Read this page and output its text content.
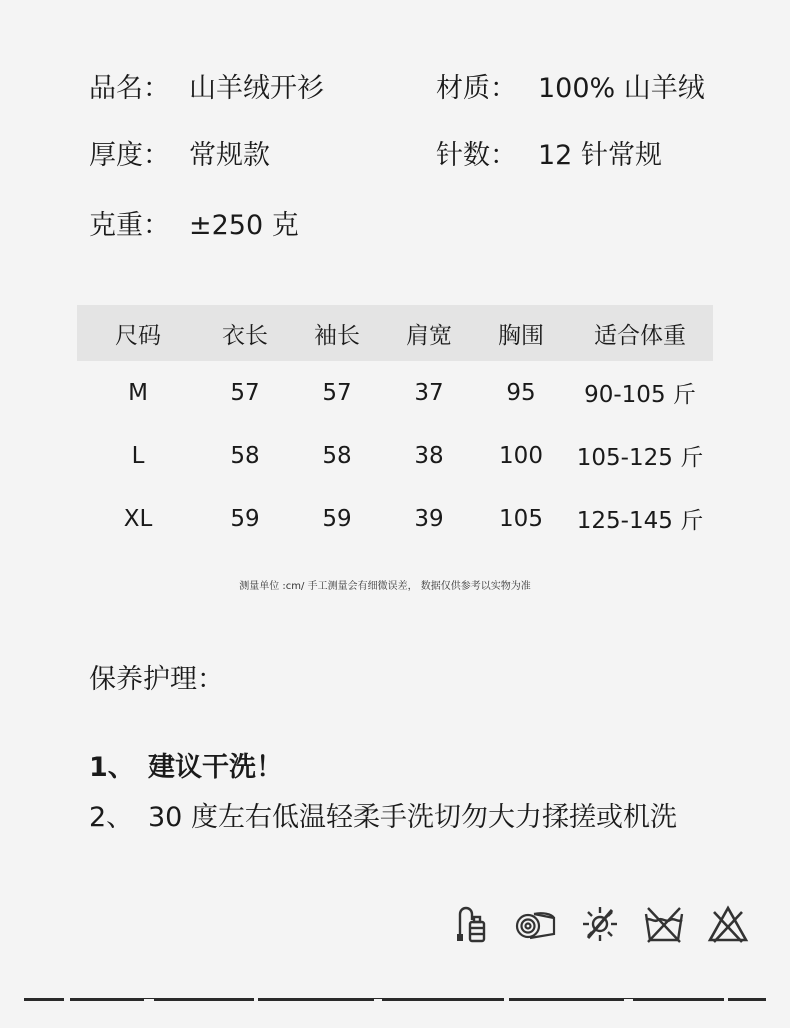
品名： 山羊绒开衫	材质： 100% 山羊绒
厚度： 常规款	针数： 12 针常规
克重： ±250 克
尺码	衣长	袖长	肩宽	胸围	适合体重
M	57	57	37	95	90-105 斤
L	58	58	38	100	105-125 斤
XL	59	59	39	105	125-145 斤
测量单位 :cm/ 手工测量会有细微误差， 数据仅供参考以实物为准
保养护理：
1、 建议干洗！
2、 30 度左右低温轻柔手洗切勿大力揉搓或机洗
